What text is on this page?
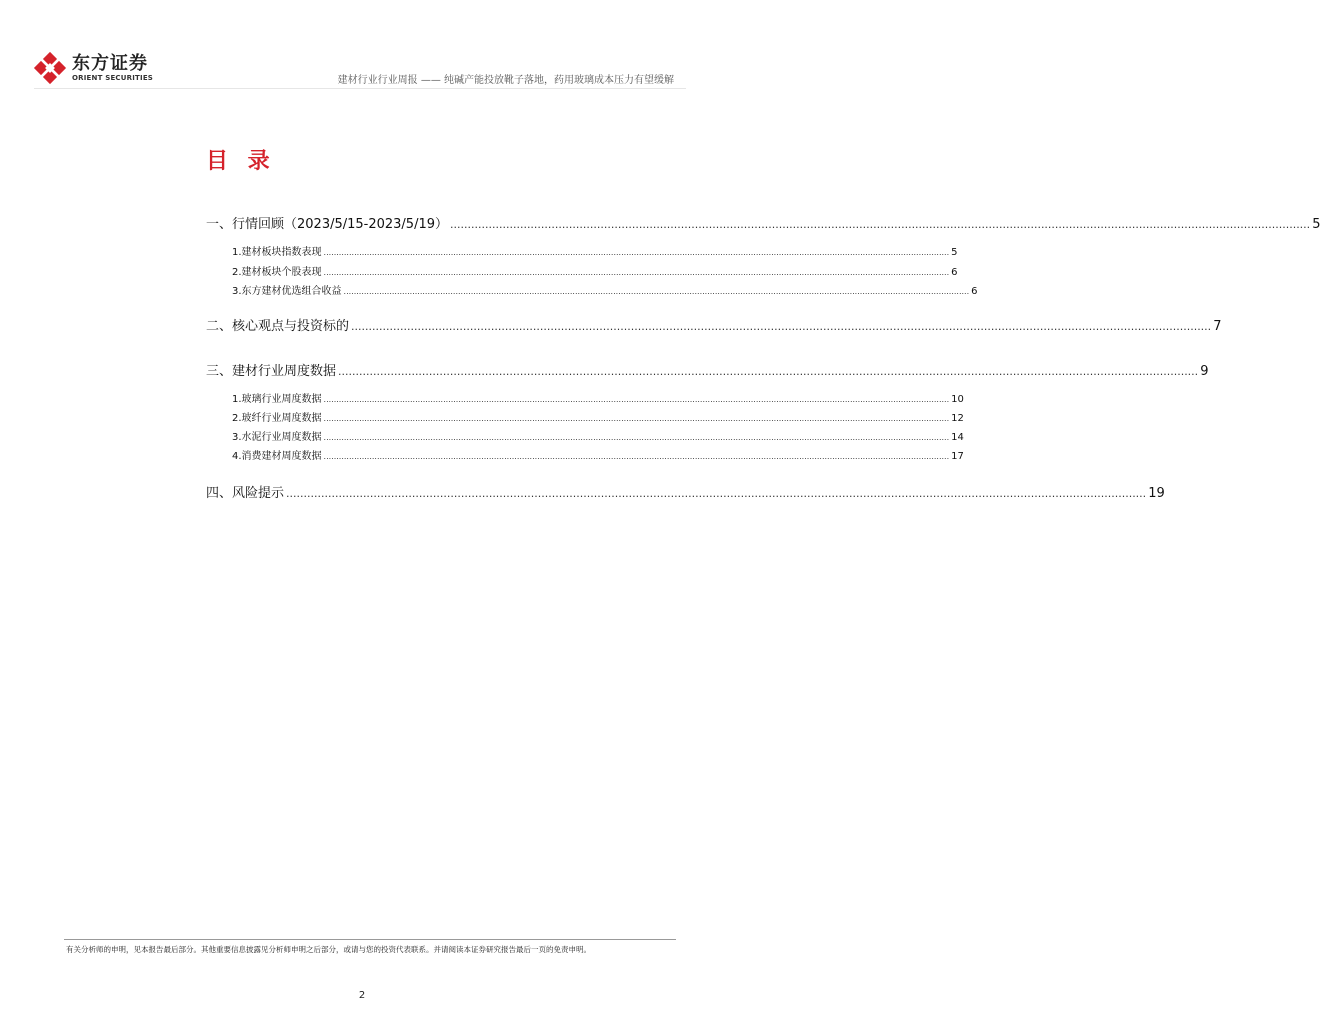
东方证券
ORIENT SECURITIES	建材行业行业周报 —— 纯碱产能投放靴子落地，药用玻璃成本压力有望缓解
目 录
一、行情回顾（2023/5/15-2023/5/19） ...................................................................................................................................................................................................................................................... 5
1. 建材板块指数表现 ...................................................................................................................................................................................................................................................... 5
2. 建材板块个股表现 ...................................................................................................................................................................................................................................................... 6
3. 东方建材优选组合收益 ...................................................................................................................................................................................................................................................... 6
二、核心观点与投资标的 ...................................................................................................................................................................................................................................................... 7
三、建材行业周度数据 ...................................................................................................................................................................................................................................................... 9
1. 玻璃行业周度数据 ...................................................................................................................................................................................................................................................... 10
2. 玻纤行业周度数据 ...................................................................................................................................................................................................................................................... 12
3. 水泥行业周度数据 ...................................................................................................................................................................................................................................................... 14
4. 消费建材周度数据 ...................................................................................................................................................................................................................................................... 17
四、风险提示 ...................................................................................................................................................................................................................................................... 19
有关分析师的申明，见本报告最后部分。其他重要信息披露见分析师申明之后部分，或请与您的投资代表联系。并请阅读本证券研究报告最后一页的免责申明。
2
